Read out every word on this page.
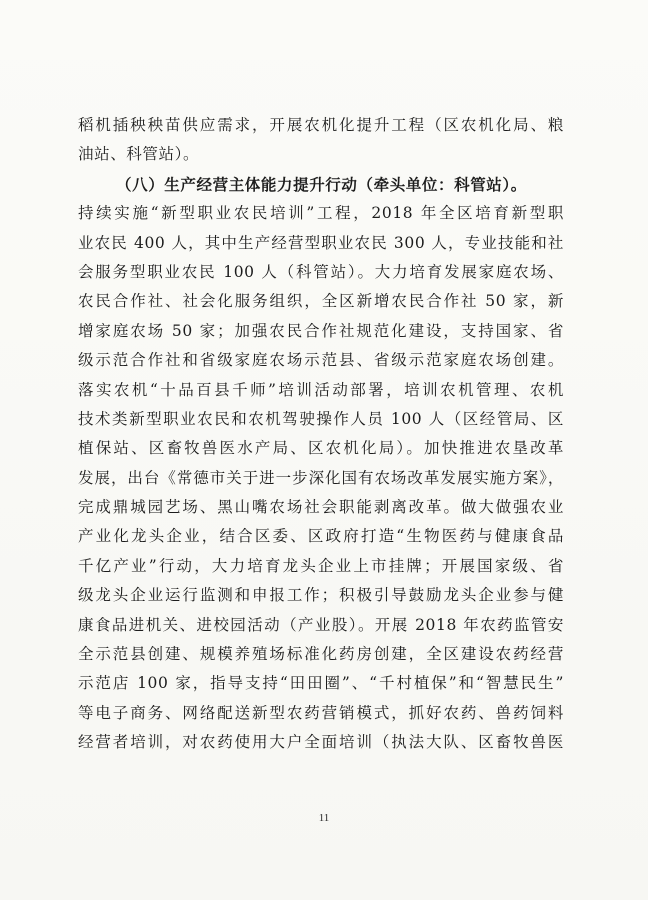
稻机插秧秧苗供应需求，开展农机化提升工程（区农机化局、粮
油站、科管站）。
（八）生产经营主体能力提升行动（牵头单位：科管站）。
持续实施“新型职业农民培训”工程，2018 年全区培育新型职
业农民 400 人，其中生产经营型职业农民 300 人，专业技能和社
会服务型职业农民 100 人（科管站）。大力培育发展家庭农场、
农民合作社、社会化服务组织，全区新增农民合作社 50 家，新
增家庭农场 50 家；加强农民合作社规范化建设，支持国家、省
级示范合作社和省级家庭农场示范县、省级示范家庭农场创建。
落实农机“十品百县千师”培训活动部署，培训农机管理、农机
技术类新型职业农民和农机驾驶操作人员 100 人（区经管局、区
植保站、区畜牧兽医水产局、区农机化局）。加快推进农垦改革
发展，出台《常德市关于进一步深化国有农场改革发展实施方案》，
完成鼎城园艺场、黑山嘴农场社会职能剥离改革。做大做强农业
产业化龙头企业，结合区委、区政府打造“生物医药与健康食品
千亿产业”行动，大力培育龙头企业上市挂牌；开展国家级、省
级龙头企业运行监测和申报工作；积极引导鼓励龙头企业参与健
康食品进机关、进校园活动（产业股）。开展 2018 年农药监管安
全示范县创建、规模养殖场标准化药房创建，全区建设农药经营
示范店 100 家，指导支持“田田圈”、“千村植保”和“智慧民生”
等电子商务、网络配送新型农药营销模式，抓好农药、兽药饲料
经营者培训，对农药使用大户全面培训（执法大队、区畜牧兽医
11
